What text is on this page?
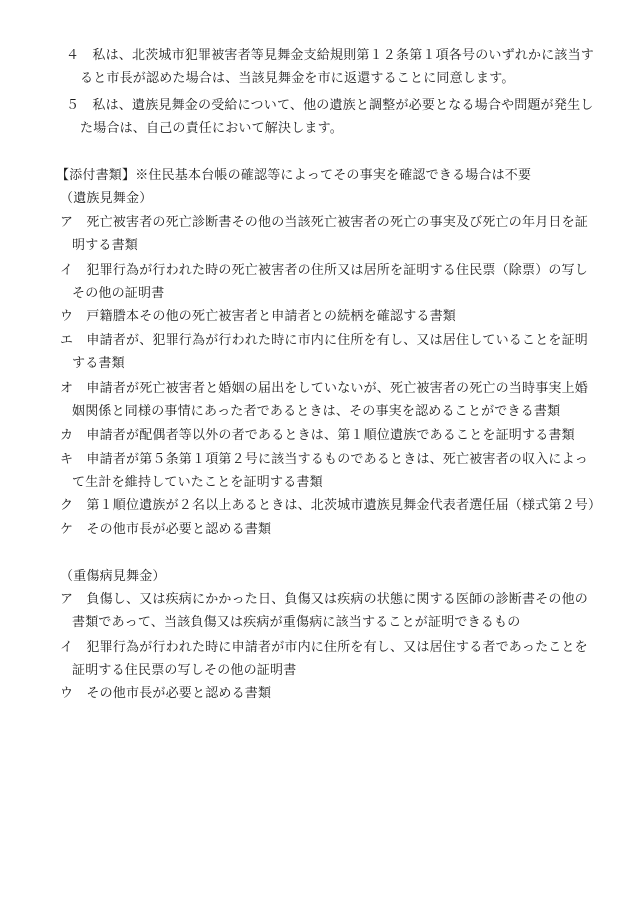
４　 私は、北茨城市犯罪被害者等見舞金支給規則第１２条第１項各号のいずれかに該当す
ると市長が認めた場合は、当該見舞金を市に返還することに同意します。
５　 私は、遺族見舞金の受給について、他の遺族と調整が必要となる場合や問題が発生し
た場合は、自己の責任において解決します。
【添付書類】※住民基本台帳の確認等によってその事実を確認できる場合は不要
（遺族見舞金）
ア　 死亡被害者の死亡診断書その他の当該死亡被害者の死亡の事実及び死亡の年月日を証
明する書類
イ　 犯罪行為が行われた時の死亡被害者の住所又は居所を証明する住民票（除票）の写し
その他の証明書
ウ　 戸籍謄本その他の死亡被害者と申請者との続柄を確認する書類
エ　 申請者が、犯罪行為が行われた時に市内に住所を有し、又は居住していることを証明
する書類
オ　 申請者が死亡被害者と婚姻の届出をしていないが、死亡被害者の死亡の当時事実上婚
姻関係と同様の事情にあった者であるときは、その事実を認めることができる書類
カ　 申請者が配偶者等以外の者であるときは、第１順位遺族であることを証明する書類
キ　 申請者が第５条第１項第２号に該当するものであるときは、死亡被害者の収入によっ
て生計を維持していたことを証明する書類
ク　 第１順位遺族が２名以上あるときは、北茨城市遺族見舞金代表者選任届（様式第２号）
ケ　 その他市長が必要と認める書類
（重傷病見舞金）
ア　 負傷し、又は疾病にかかった日、負傷又は疾病の状態に関する医師の診断書その他の
書類であって、当該負傷又は疾病が重傷病に該当することが証明できるもの
イ　 犯罪行為が行われた時に申請者が市内に住所を有し、又は居住する者であったことを
証明する住民票の写しその他の証明書
ウ　 その他市長が必要と認める書類
